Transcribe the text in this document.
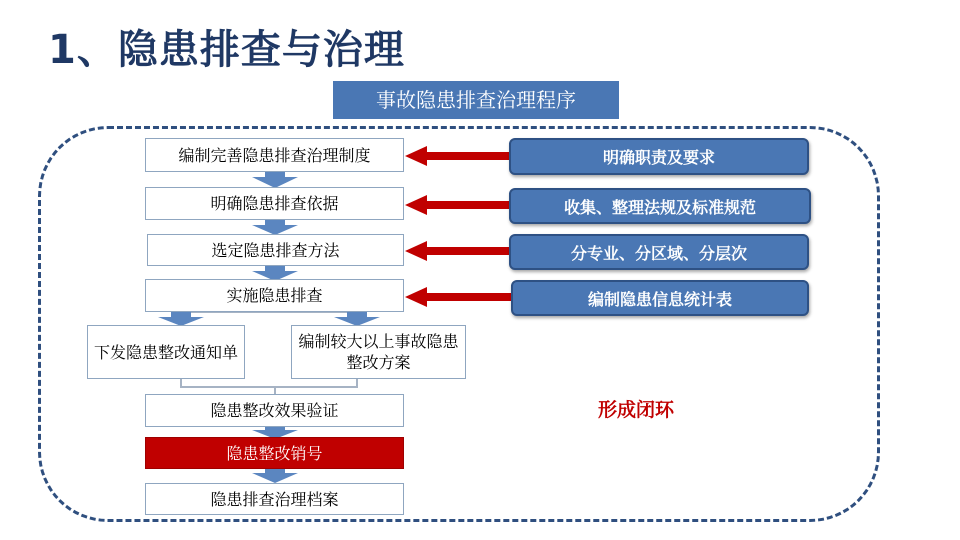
1、隐患排查与治理
事故隐患排查治理程序
编制完善隐患排查治理制度
明确隐患排查依据
选定隐患排查方法
实施隐患排查
下发隐患整改通知单
编制较大以上事故隐患整改方案
隐患整改效果验证
隐患整改销号
隐患排查治理档案
明确职责及要求
收集、整理法规及标准规范
分专业、分区域、分层次
编制隐患信息统计表
形成闭环
